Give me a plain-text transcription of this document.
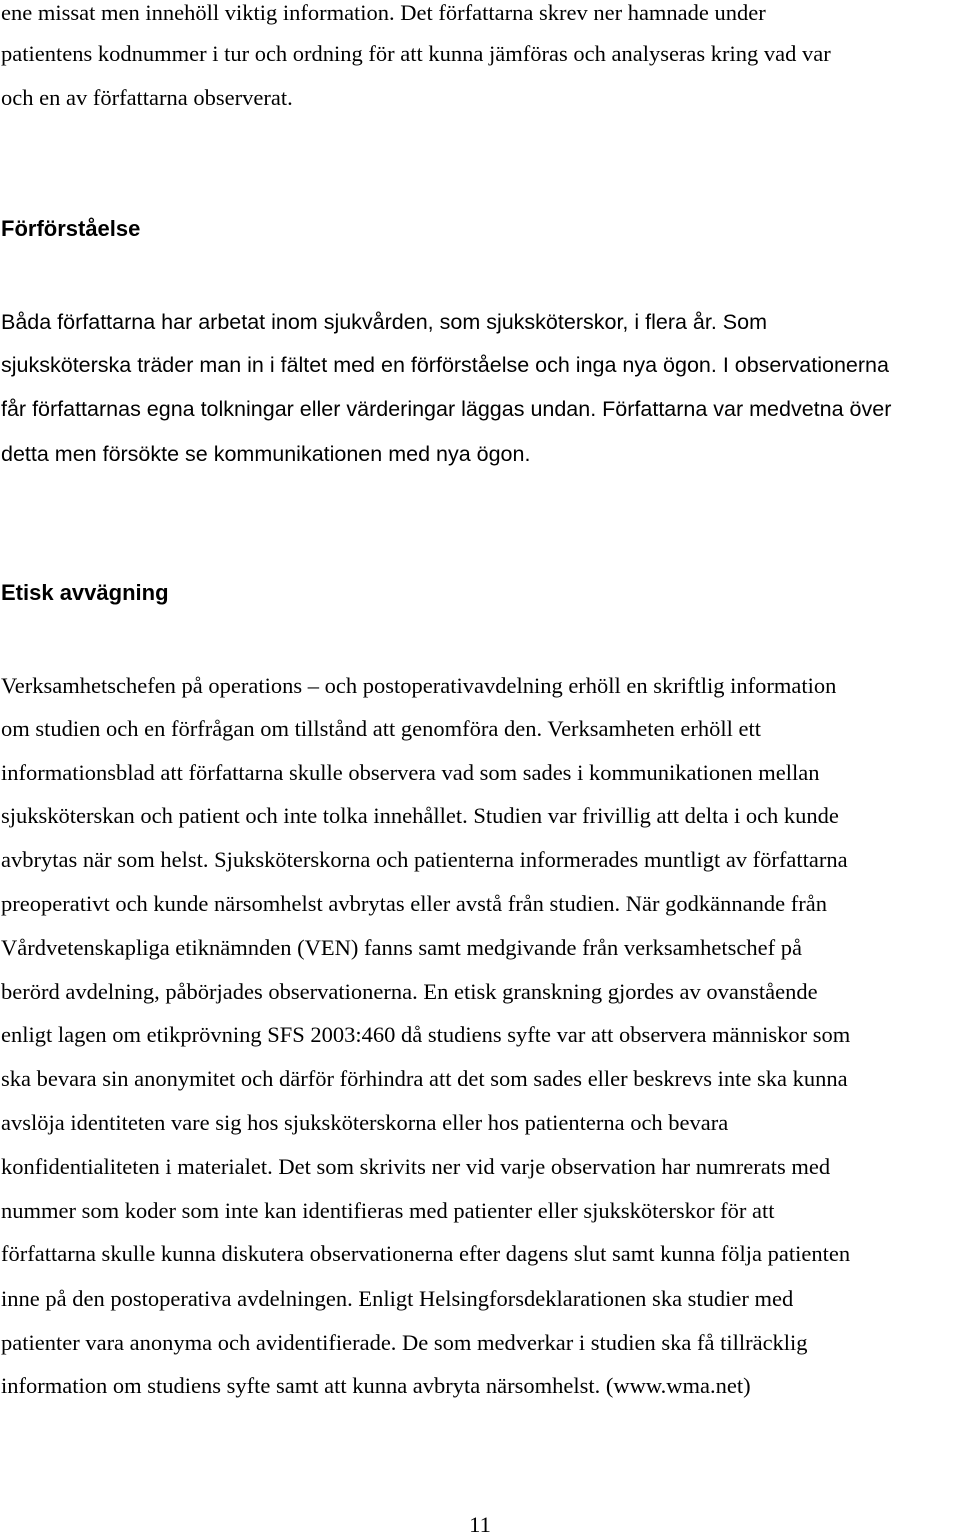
ene missat men innehöll viktig information. Det författarna skrev ner hamnade under

patientens kodnummer i tur och ordning för att kunna jämföras och analyseras kring vad var

och en av författarna observerat.

Förförståelse

Båda författarna har arbetat inom sjukvården, som sjuksköterskor, i flera år. Som

sjuksköterska träder man in i fältet med en förförståelse och inga nya ögon. I observationerna

får författarnas egna tolkningar eller värderingar läggas undan. Författarna var medvetna över

detta men försökte se kommunikationen med nya ögon.

Etisk avvägning

Verksamhetschefen på operations – och postoperativavdelning erhöll en skriftlig information

om studien och en förfrågan om tillstånd att genomföra den. Verksamheten erhöll ett

informationsblad att författarna skulle observera vad som sades i kommunikationen mellan

sjuksköterskan och patient och inte tolka innehållet. Studien var frivillig att delta i och kunde

avbrytas när som helst. Sjuksköterskorna och patienterna informerades muntligt av författarna

preoperativt och kunde närsomhelst avbrytas eller avstå från studien. När godkännande från

Vårdvetenskapliga etiknämnden (VEN) fanns samt medgivande från verksamhetschef på

berörd avdelning, påbörjades observationerna. En etisk granskning gjordes av ovanstående

enligt lagen om etikprövning SFS 2003:460 då studiens syfte var att observera människor som

ska bevara sin anonymitet och därför förhindra att det som sades eller beskrevs inte ska kunna

avslöja identiteten vare sig hos sjuksköterskorna eller hos patienterna och bevara

konfidentialiteten i materialet. Det som skrivits ner vid varje observation har numrerats med

nummer som koder som inte kan identifieras med patienter eller sjuksköterskor för att

författarna skulle kunna diskutera observationerna efter dagens slut samt kunna följa patienten

inne på den postoperativa avdelningen. Enligt Helsingforsdeklarationen ska studier med

patienter vara anonyma och avidentifierade. De som medverkar i studien ska få tillräcklig

information om studiens syfte samt att kunna avbryta närsomhelst. (www.wma.net)

11
